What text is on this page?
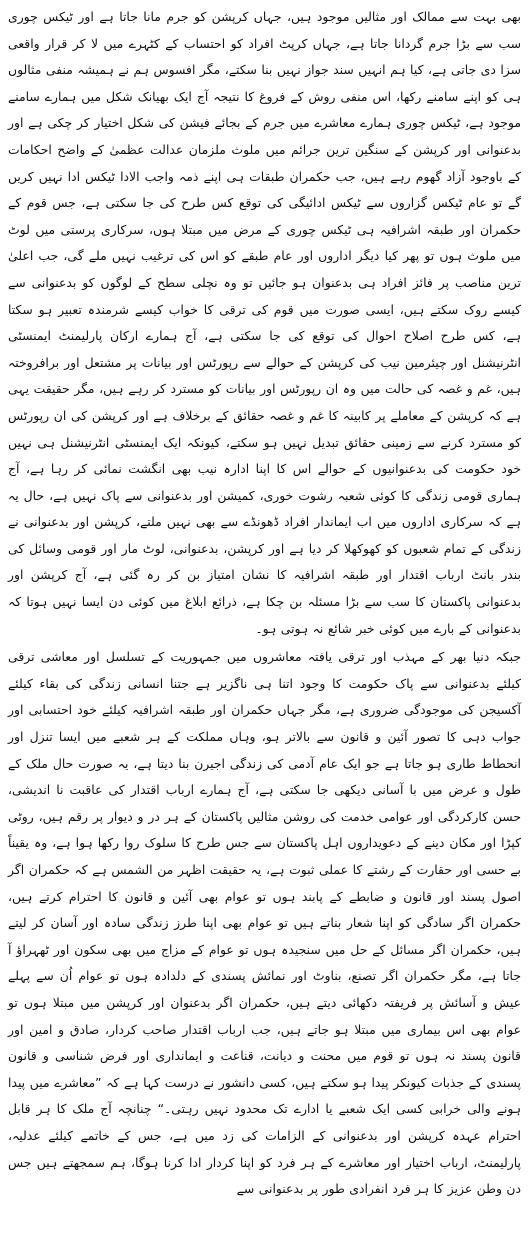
بھی بہت سے ممالک اور مثالیں موجود ہیں، جہاں کرپشن کو جرم مانا جاتا ہے اور ٹیکس چوری سب سے بڑا جرم گردانا جاتا ہے، جہاں کرپٹ افراد کو احتساب کے کٹہرے میں لا کر قرار واقعی سزا دی جاتی ہے، کیا ہم انہیں سند جواز نہیں بنا سکتے، مگر افسوس ہم نے ہمیشہ منفی مثالوں ہی کو اپنے سامنے رکھا، اس منفی روش کے فروغ کا نتیجہ آج ایک بھیانک شکل میں ہمارے سامنے موجود ہے، ٹیکس چوری ہمارے معاشرے میں جرم کے بجائے فیشن کی شکل اختیار کر چکی ہے اور بدعنوانی اور کرپشن کے سنگین ترین جرائم میں ملوث ملزمان عدالت عظمیٰ کے واضح احکامات کے باوجود آزاد گھوم رہے ہیں، جب حکمران طبقات ہی اپنے ذمہ واجب الادا ٹیکس ادا نہیں کریں گے تو عام ٹیکس گزاروں سے ٹیکس ادائیگی کی توقع کس طرح کی جا سکتی ہے، جس قوم کے حکمران اور طبقہ اشرافیہ ہی ٹیکس چوری کے مرض میں مبتلا ہوں، سرکاری پرستی میں لوٹ میں ملوث ہوں تو پھر کیا دیگر اداروں اور عام طبقے کو اس کی ترغیب نہیں ملے گی، جب اعلیٰ ترین مناصب پر فائز افراد ہی بدعنوان ہو جائیں تو وہ نچلی سطح کے لوگوں کو بدعنوانی سے کیسے روک سکتے ہیں، ایسی صورت میں قوم کی ترقی کا خواب کیسے شرمندہ تعبیر ہو سکتا ہے، کس طرح اصلاح احوال کی توقع کی جا سکتی ہے، آج ہمارے ارکان پارلیمنٹ ایمنسٹی انٹرنیشنل اور چیئرمین نیب کی کرپشن کے حوالے سے رپورٹس اور بیانات پر مشتعل اور برافروختہ ہیں، غم و غصہ کی حالت میں وہ ان رپورٹس اور بیانات کو مسترد کر رہے ہیں، مگر حقیقت یہی ہے کہ کرپشن کے معاملے پر کابینہ کا غم و غصہ حقائق کے برخلاف ہے اور کرپشن کی ان رپورٹس کو مسترد کرنے سے زمینی حقائق تبدیل نہیں ہو سکتے، کیونکہ ایک ایمنسٹی انٹرنیشنل ہی نہیں خود حکومت کی بدعنوانیوں کے حوالے اس کا اپنا ادارہ نیب بھی انگشت نمائی کر رہا ہے، آج ہماری قومی زندگی کا کوئی شعبہ رشوت خوری، کمیشن اور بدعنوانی سے پاک نہیں ہے، حال یہ ہے کہ سرکاری اداروں میں اب ایماندار افراد ڈھونڈے سے بھی نہیں ملتے، کرپشن اور بدعنوانی نے زندگی کے تمام شعبوں کو کھوکھلا کر دیا ہے اور کرپشن، بدعنوانی، لوٹ مار اور قومی وسائل کی بندر بانٹ ارباب اقتدار اور طبقہ اشرافیہ کا نشان امتیاز بن کر رہ گئی ہے، آج کرپشن اور بدعنوانی پاکستان کا سب سے بڑا مسئلہ بن چکا ہے، ذرائع ابلاغ میں کوئی دن ایسا نہیں ہوتا کہ بدعنوانی کے بارے میں کوئی خبر شائع نہ ہوتی ہو۔

جبکہ دنیا بھر کے مہذب اور ترقی یافتہ معاشروں میں جمہوریت کے تسلسل اور معاشی ترقی کیلئے بدعنوانی سے پاک حکومت کا وجود اتنا ہی ناگزیر ہے جتنا انسانی زندگی کی بقاء کیلئے آکسیجن کی موجودگی ضروری ہے، مگر جہاں حکمران اور طبقہ اشرافیہ کیلئے خود احتسابی اور جواب دہی کا تصور آئین و قانون سے بالاتر ہو، وہاں مملکت کے ہر شعبے میں ایسا تنزل اور انحطاط طاری ہو جاتا ہے جو ایک عام آدمی کی زندگی اجیرن بنا دیتا ہے، یہ صورت حال ملک کے طول و عرض میں با آسانی دیکھی جا سکتی ہے، آج ہمارے ارباب اقتدار کی عاقبت نا اندیشی، حسن کارکردگی اور عوامی خدمت کی روشن مثالیں پاکستان کے ہر در و دیوار پر رقم ہیں، روٹی کپڑا اور مکان دینے کے دعویداروں اہل پاکستان سے جس طرح کا سلوک روا رکھا ہوا ہے، وہ یقیناً بے حسی اور حقارت کے رشتے کا عملی ثبوت ہے، یہ حقیقت اظہر من الشمس ہے کہ حکمران اگر اصول پسند اور قانون و ضابطے کے پابند ہوں تو عوام بھی آئین و قانون کا احترام کرتے ہیں، حکمران اگر سادگی کو اپنا شعار بناتے ہیں تو عوام بھی اپنا طرز زندگی سادہ اور آسان کر لیتے ہیں، حکمران اگر مسائل کے حل میں سنجیدہ ہوں تو عوام کے مزاج میں بھی سکون اور ٹھہراؤ آ جاتا ہے، مگر حکمران اگر تصنع، بناوٹ اور نمائش پسندی کے دلدادہ ہوں تو عوام اُن سے پہلے عیش و آسائش پر فریفتہ دکھائی دیتے ہیں، حکمران اگر بدعنوان اور کرپشن میں مبتلا ہوں تو عوام بھی اس بیماری میں مبتلا ہو جاتے ہیں، جب ارباب اقتدار صاحب کردار، صادق و امین اور قانون پسند نہ ہوں تو قوم میں محنت و دیانت، قناعت و ایمانداری اور فرض شناسی و قانون پسندی کے جذبات کیونکر پیدا ہو سکتے ہیں، کسی دانشور نے درست کہا ہے کہ ”معاشرے میں پیدا ہونے والی خرابی کسی ایک شعبے یا ادارے تک محدود نہیں رہتی۔“ چنانچہ آج ملک کا ہر قابل احترام عہدہ کرپشن اور بدعنوانی کے الزامات کی زد میں ہے، جس کے خاتمے کیلئے عدلیہ، پارلیمنٹ، ارباب اختیار اور معاشرے کے ہر فرد کو اپنا کردار ادا کرنا ہوگا، ہم سمجھتے ہیں جس دن وطن عزیز کا ہر فرد انفرادی طور پر بدعنوانی سے
